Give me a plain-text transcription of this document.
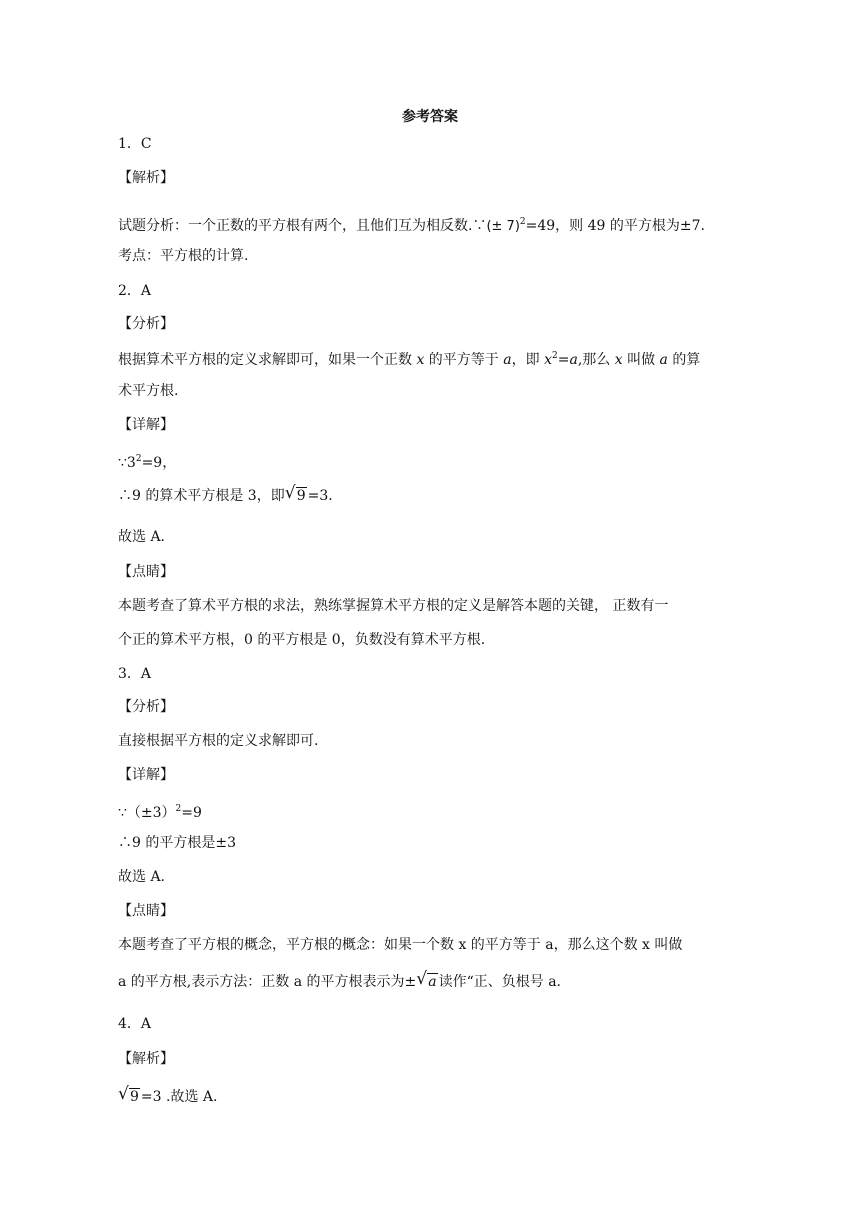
参考答案
1．C
【解析】
试题分析：一个正数的平方根有两个，且他们互为相反数.∵(± 7)$^2$=49，则 49 的平方根为±7.
考点：平方根的计算.
2．A
【分析】
根据算术平方根的定义求解即可，如果一个正数 x 的平方等于 a，即 $x^2=a$,那么 x 叫做 a 的算
术平方根.
【详解】
$\because 3^2=9$，
∴9 的算术平方根是 3，即 √ 9 =3.
故选 A.
【点睛】
本题考查了算术平方根的求法，熟练掌握算术平方根的定义是解答本题的关键， 正数有一
个正的算术平方根，0 的平方根是 0，负数没有算术平方根.
3．A
【分析】
直接根据平方根的定义求解即可.
【详解】
$\because(\pm 3)^2=9$
∴9 的平方根是±3
故选 A.
【点睛】
本题考查了平方根的概念，平方根的概念：如果一个数 x 的平方等于 a，那么这个数 x 叫做
a 的平方根,表示方法：正数 a 的平方根表示为± √ a 读作“正、负根号 a.
4．A
【解析】
√ 9 =3 .故选 A.
